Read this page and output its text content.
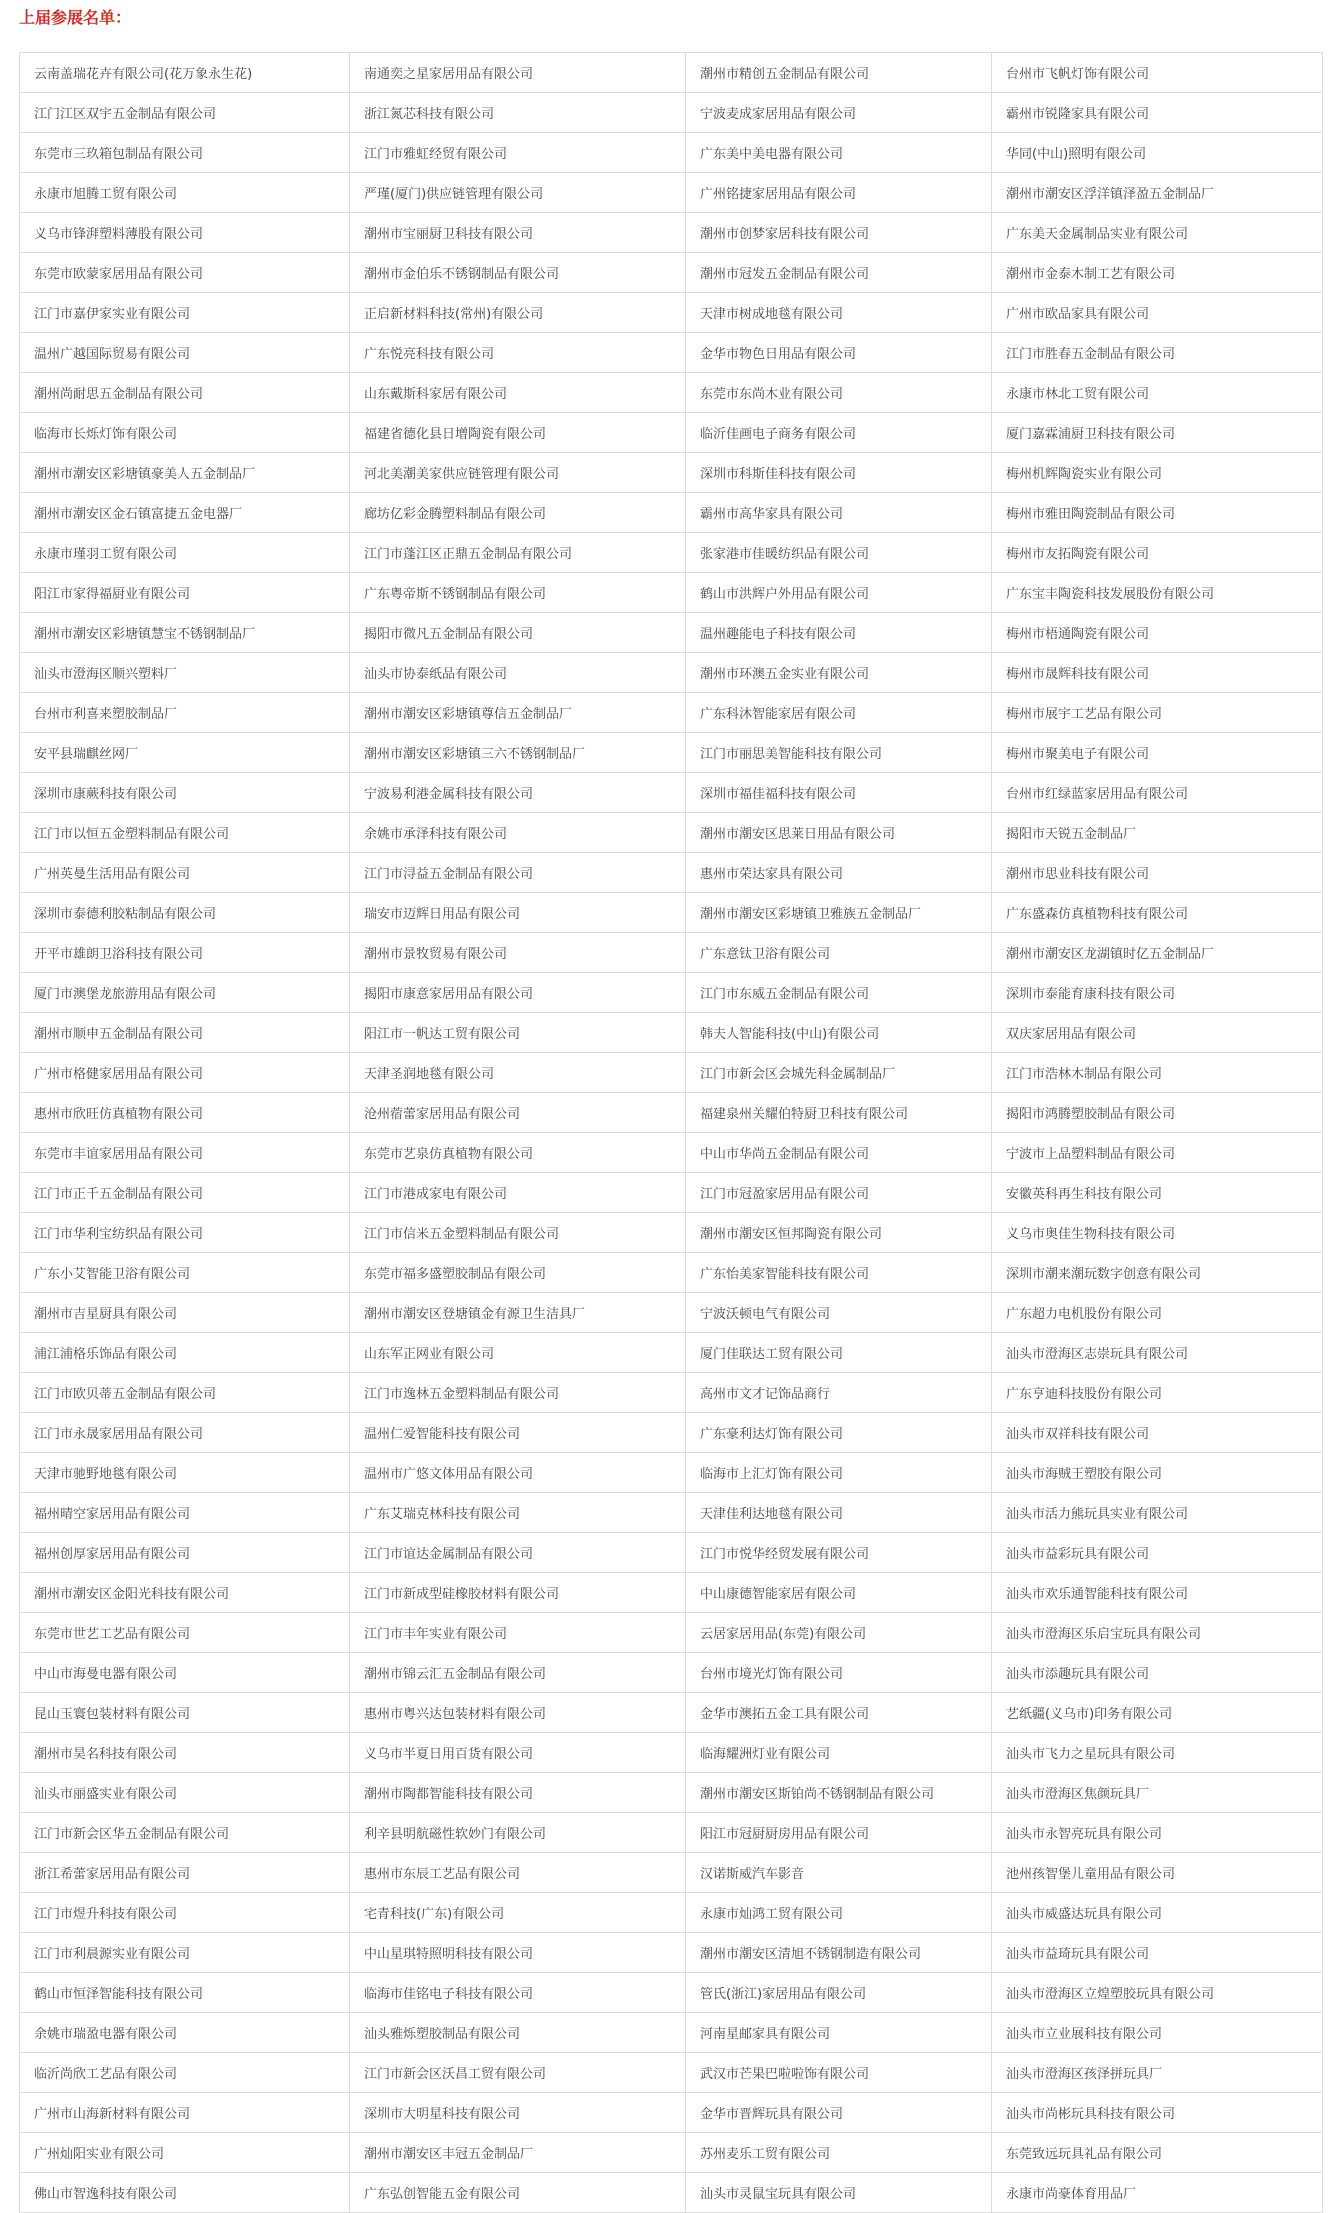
上届参展名单：
云南盖瑞花卉有限公司(花万象永生花)	南通奕之星家居用品有限公司	潮州市精创五金制品有限公司	台州市飞帆灯饰有限公司
江门江区双宇五金制品有限公司	浙江氮芯科技有限公司	宁波麦成家居用品有限公司	霸州市锐隆家具有限公司
东莞市三玖箱包制品有限公司	江门市雅虹经贸有限公司	广东美中美电器有限公司	华同(中山)照明有限公司
永康市旭腾工贸有限公司	严瑾(厦门)供应链管理有限公司	广州铭捷家居用品有限公司	潮州市潮安区浮洋镇泽盈五金制品厂
义乌市锋湃塑料薄股有限公司	潮州市宝丽厨卫科技有限公司	潮州市创梦家居科技有限公司	广东美天金属制品实业有限公司
东莞市欧蒙家居用品有限公司	潮州市金伯乐不锈钢制品有限公司	潮州市冠发五金制品有限公司	潮州市金泰木制工艺有限公司
江门市嘉伊家实业有限公司	正启新材料科技(常州)有限公司	天津市树成地毯有限公司	广州市欧品家具有限公司
温州广越国际贸易有限公司	广东悦亮科技有限公司	金华市物色日用品有限公司	江门市胜春五金制品有限公司
潮州尚耐思五金制品有限公司	山东戴斯科家居有限公司	东莞市东尚木业有限公司	永康市林北工贸有限公司
临海市长烁灯饰有限公司	福建省德化县日增陶瓷有限公司	临沂佳画电子商务有限公司	厦门嘉霖浦厨卫科技有限公司
潮州市潮安区彩塘镇豪美人五金制品厂	河北美潮美家供应链管理有限公司	深圳市科斯佳科技有限公司	梅州机辉陶瓷实业有限公司
潮州市潮安区金石镇富捷五金电器厂	廊坊亿彩金腾塑料制品有限公司	霸州市高华家具有限公司	梅州市雅田陶瓷制品有限公司
永康市瑾羽工贸有限公司	江门市蓬江区正鼎五金制品有限公司	张家港市佳暖纺织品有限公司	梅州市友拓陶瓷有限公司
阳江市家得福厨业有限公司	广东粤帝斯不锈钢制品有限公司	鹤山市洪辉户外用品有限公司	广东宝丰陶瓷科技发展股份有限公司
潮州市潮安区彩塘镇慧宝不锈钢制品厂	揭阳市微凡五金制品有限公司	温州趣能电子科技有限公司	梅州市梧通陶瓷有限公司
汕头市澄海区顺兴塑料厂	汕头市协泰纸品有限公司	潮州市环澳五金实业有限公司	梅州市晟辉科技有限公司
台州市利喜来塑胶制品厂	潮州市潮安区彩塘镇尊信五金制品厂	广东科沐智能家居有限公司	梅州市展宇工艺品有限公司
安平县瑞麒丝网厂	潮州市潮安区彩塘镇三六不锈钢制品厂	江门市丽思美智能科技有限公司	梅州市聚美电子有限公司
深圳市康蕨科技有限公司	宁波易利港金属科技有限公司	深圳市福佳福科技有限公司	台州市红绿蓝家居用品有限公司
江门市以恒五金塑料制品有限公司	余姚市承泽科技有限公司	潮州市潮安区思莱日用品有限公司	揭阳市天锐五金制品厂
广州英曼生活用品有限公司	江门市浔益五金制品有限公司	惠州市荣达家具有限公司	潮州市思业科技有限公司
深圳市泰德利胶粘制品有限公司	瑞安市迈辉日用品有限公司	潮州市潮安区彩塘镇卫雅族五金制品厂	广东盛森仿真植物科技有限公司
开平市雄朗卫浴科技有限公司	潮州市景牧贸易有限公司	广东意钛卫浴有限公司	潮州市潮安区龙湖镇时亿五金制品厂
厦门市澳堡龙旅游用品有限公司	揭阳市康意家居用品有限公司	江门市东威五金制品有限公司	深圳市泰能育康科技有限公司
潮州市顺申五金制品有限公司	阳江市一帆达工贸有限公司	韩夫人智能科技(中山)有限公司	双庆家居用品有限公司
广州市格健家居用品有限公司	天津圣润地毯有限公司	江门市新会区会城先科金属制品厂	江门市浩林木制品有限公司
惠州市欣旺仿真植物有限公司	沧州蓿蕾家居用品有限公司	福建泉州关耀伯特厨卫科技有限公司	揭阳市鸿腾塑胶制品有限公司
东莞市丰谊家居用品有限公司	东莞市艺泉仿真植物有限公司	中山市华尚五金制品有限公司	宁波市上品塑料制品有限公司
江门市正千五金制品有限公司	江门市港成家电有限公司	江门市冠盈家居用品有限公司	安徽英科再生科技有限公司
江门市华利宝纺织品有限公司	江门市信米五金塑料制品有限公司	潮州市潮安区恒邦陶瓷有限公司	义乌市奥佳生物科技有限公司
广东小艾智能卫浴有限公司	东莞市福多盛塑胶制品有限公司	广东怡美家智能科技有限公司	深圳市潮来潮玩数字创意有限公司
潮州市吉星厨具有限公司	潮州市潮安区登塘镇金有源卫生洁具厂	宁波沃顿电气有限公司	广东超力电机股份有限公司
浦江浦格乐饰品有限公司	山东军正网业有限公司	厦门佳联达工贸有限公司	汕头市澄海区志崇玩具有限公司
江门市欧贝蒂五金制品有限公司	江门市逸林五金塑料制品有限公司	高州市文才记饰品商行	广东亨迪科技股份有限公司
江门市永晟家居用品有限公司	温州仁爱智能科技有限公司	广东豪利达灯饰有限公司	汕头市双祥科技有限公司
天津市驰野地毯有限公司	温州市广悠文体用品有限公司	临海市上汇灯饰有限公司	汕头市海贼王塑胶有限公司
福州晴空家居用品有限公司	广东艾瑞克林科技有限公司	天津佳利达地毯有限公司	汕头市活力熊玩具实业有限公司
福州创厚家居用品有限公司	江门市谊达金属制品有限公司	江门市悦华经贸发展有限公司	汕头市益彩玩具有限公司
潮州市潮安区金阳光科技有限公司	江门市新成型硅橡胶材料有限公司	中山康德智能家居有限公司	汕头市欢乐通智能科技有限公司
东莞市世艺工艺品有限公司	江门市丰年实业有限公司	云居家居用品(东莞)有限公司	汕头市澄海区乐启宝玩具有限公司
中山市海曼电器有限公司	潮州市锦云汇五金制品有限公司	台州市境光灯饰有限公司	汕头市添趣玩具有限公司
昆山玉寰包装材料有限公司	惠州市粤兴达包装材料有限公司	金华市澳拓五金工具有限公司	艺纸疆(义乌市)印务有限公司
潮州市昊名科技有限公司	义乌市半夏日用百货有限公司	临海耀洲灯业有限公司	汕头市飞力之星玩具有限公司
汕头市丽盛实业有限公司	潮州市陶都智能科技有限公司	潮州市潮安区斯铂尚不锈钢制品有限公司	汕头市澄海区焦颜玩具厂
江门市新会区华五金制品有限公司	利辛县明航磁性软妙门有限公司	阳江市冠厨厨房用品有限公司	汕头市永智亮玩具有限公司
浙江希蕾家居用品有限公司	惠州市东辰工艺品有限公司	汉诺斯威汽车影音	池州孩智堡儿童用品有限公司
江门市煜升科技有限公司	宅青科技(广东)有限公司	永康市灿鸿工贸有限公司	汕头市威盛达玩具有限公司
江门市利晨源实业有限公司	中山星琪特照明科技有限公司	潮州市潮安区清旭不锈钢制造有限公司	汕头市益琦玩具有限公司
鹤山市恒泽智能科技有限公司	临海市佳铭电子科技有限公司	管氏(浙江)家居用品有限公司	汕头市澄海区立煌塑胶玩具有限公司
余姚市瑞盈电器有限公司	汕头雅烁塑胶制品有限公司	河南星邮家具有限公司	汕头市立业展科技有限公司
临沂尚欣工艺品有限公司	江门市新会区沃昌工贸有限公司	武汉市芒果巴啦啦饰有限公司	汕头市澄海区孩泽拼玩具厂
广州市山海新材料有限公司	深圳市大明星科技有限公司	金华市晋辉玩具有限公司	汕头市尚彬玩具科技有限公司
广州灿阳实业有限公司	潮州市潮安区丰冠五金制品厂	苏州麦乐工贸有限公司	东莞致远玩具礼品有限公司
佛山市智逸科技有限公司	广东弘创智能五金有限公司	汕头市灵鼠宝玩具有限公司	永康市尚豪体育用品厂
